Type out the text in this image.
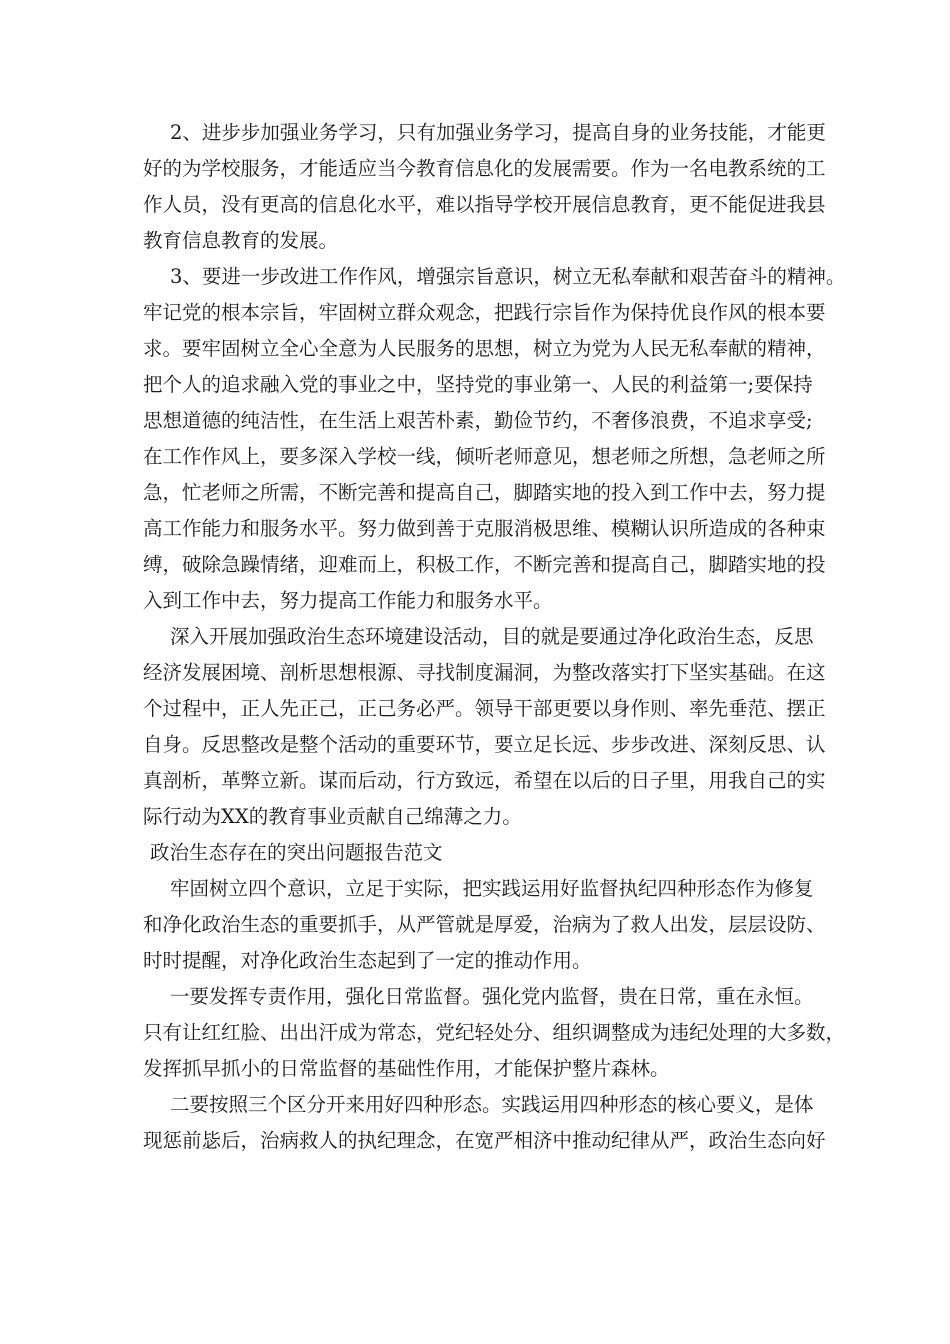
2、进步步加强业务学习，只有加强业务学习，提高自身的业务技能，才能更

好的为学校服务，才能适应当今教育信息化的发展需要。作为一名电教系统的工

作人员，没有更高的信息化水平，难以指导学校开展信息教育，更不能促进我县

教育信息教育的发展。

3、要进一步改进工作作风，增强宗旨意识，树立无私奉献和艰苦奋斗的精神。

牢记党的根本宗旨，牢固树立群众观念，把践行宗旨作为保持优良作风的根本要

求。要牢固树立全心全意为人民服务的思想，树立为党为人民无私奉献的精神，

把个人的追求融入党的事业之中，坚持党的事业第一、人民的利益第一;要保持

思想道德的纯洁性，在生活上艰苦朴素，勤俭节约，不奢侈浪费，不追求享受;

在工作作风上，要多深入学校一线，倾听老师意见，想老师之所想，急老师之所

急，忙老师之所需，不断完善和提高自己，脚踏实地的投入到工作中去，努力提

高工作能力和服务水平。努力做到善于克服消极思维、模糊认识所造成的各种束

缚，破除急躁情绪，迎难而上，积极工作，不断完善和提高自己，脚踏实地的投

入到工作中去，努力提高工作能力和服务水平。

深入开展加强政治生态环境建设活动，目的就是要通过净化政治生态，反思

经济发展困境、剖析思想根源、寻找制度漏洞，为整改落实打下坚实基础。在这

个过程中，正人先正己，正己务必严。领导干部更要以身作则、率先垂范、摆正

自身。反思整改是整个活动的重要环节，要立足长远、步步改进、深刻反思、认

真剖析，革弊立新。谋而后动，行方致远，希望在以后的日子里，用我自己的实

际行动为XX的教育事业贡献自己绵薄之力。

政治生态存在的突出问题报告范文

牢固树立四个意识，立足于实际，把实践运用好监督执纪四种形态作为修复

和净化政治生态的重要抓手，从严管就是厚爱，治病为了救人出发，层层设防、

时时提醒，对净化政治生态起到了一定的推动作用。

一要发挥专责作用，强化日常监督。强化党内监督，贵在日常，重在永恒。

只有让红红脸、出出汗成为常态，党纪轻处分、组织调整成为违纪处理的大多数，

发挥抓早抓小的日常监督的基础性作用，才能保护整片森林。

二要按照三个区分开来用好四种形态。实践运用四种形态的核心要义，是体

现惩前毖后，治病救人的执纪理念，在宽严相济中推动纪律从严，政治生态向好
